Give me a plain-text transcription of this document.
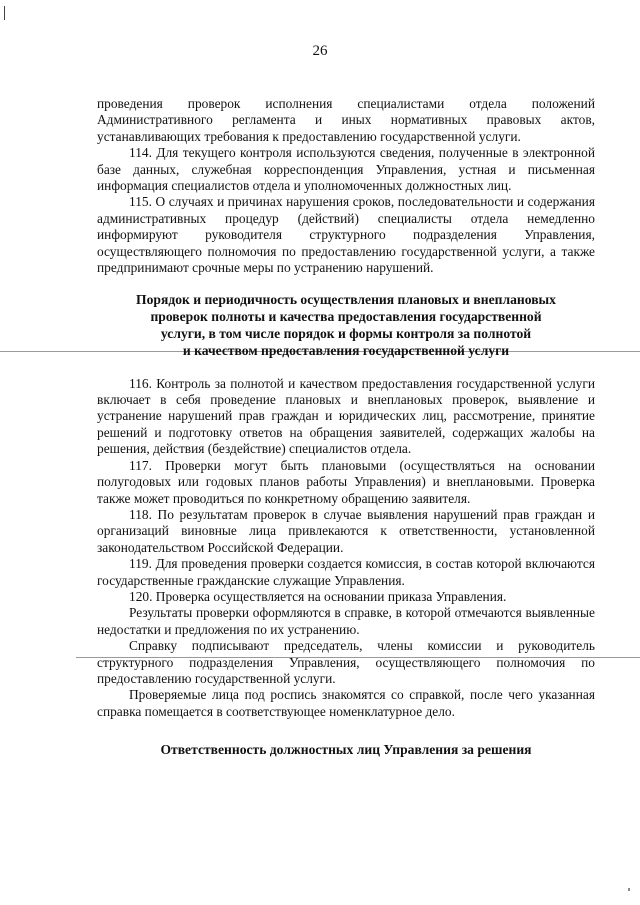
26

проведения проверок исполнения специалистами отдела положений Административного регламента и иных нормативных правовых актов, устанавливающих требования к предоставлению государственной услуги.

114. Для текущего контроля используются сведения, полученные в электронной базе данных, служебная корреспонденция Управления, устная и письменная информация специалистов отдела и уполномоченных должностных лиц.

115. О случаях и причинах нарушения сроков, последовательности и содержания административных процедур (действий) специалисты отдела немедленно информируют руководителя структурного подразделения Управления, осуществляющего полномочия по предоставлению государственной услуги, а также предпринимают срочные меры по устранению нарушений.

Порядок и периодичность осуществления плановых и внеплановых
проверок полноты и качества предоставления государственной
услуги, в том числе порядок и формы контроля за полнотой
и качеством предоставления государственной услуги

116. Контроль за полнотой и качеством предоставления государственной услуги включает в себя проведение плановых и внеплановых проверок, выявление и устранение нарушений прав граждан и юридических лиц, рассмотрение, принятие решений и подготовку ответов на обращения заявителей, содержащих жалобы на решения, действия (бездействие) специалистов отдела.

117. Проверки могут быть плановыми (осуществляться на основании полугодовых или годовых планов работы Управления) и внеплановыми. Проверка также может проводиться по конкретному обращению заявителя.

118. По результатам проверок в случае выявления нарушений прав граждан и организаций виновные лица привлекаются к ответственности, установленной законодательством Российской Федерации.

119. Для проведения проверки создается комиссия, в состав которой включаются государственные гражданские служащие Управления.

120. Проверка осуществляется на основании приказа Управления.

Результаты проверки оформляются в справке, в которой отмечаются выявленные недостатки и предложения по их устранению.

Справку подписывают председатель, члены комиссии и руководитель структурного подразделения Управления, осуществляющего полномочия по предоставлению государственной услуги.

Проверяемые лица под роспись знакомятся со справкой, после чего указанная справка помещается в соответствующее номенклатурное дело.

Ответственность должностных лиц Управления за решения
